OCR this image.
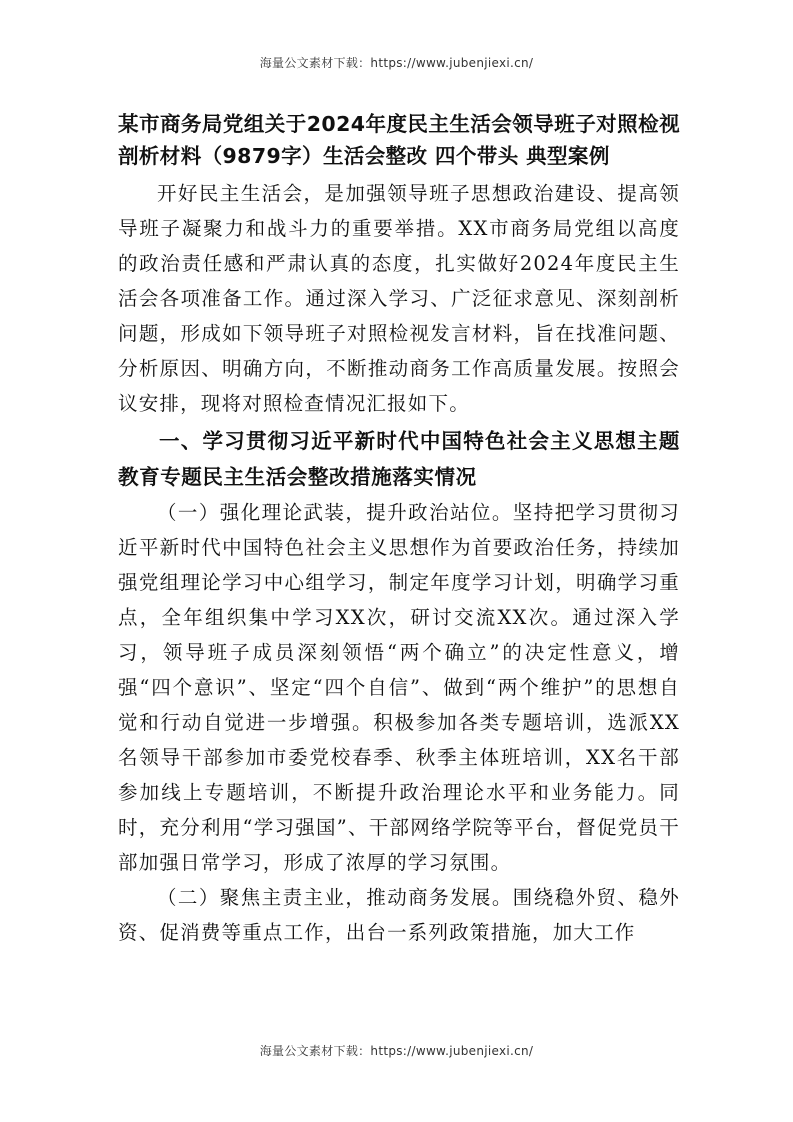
海量公文素材下载：https://www.jubenjiexi.cn/
某市商务局党组关于2024年度民主生活会领导班子对照检视剖析材料（9879字）生活会整改 四个带头 典型案例

开好民主生活会，是加强领导班子思想政治建设、提高领导班子凝聚力和战斗力的重要举措。XX市商务局党组以高度的政治责任感和严肃认真的态度，扎实做好2024年度民主生活会各项准备工作。通过深入学习、广泛征求意见、深刻剖析问题，形成如下领导班子对照检视发言材料，旨在找准问题、分析原因、明确方向，不断推动商务工作高质量发展。按照会议安排，现将对照检查情况汇报如下。

一、学习贯彻习近平新时代中国特色社会主义思想主题教育专题民主生活会整改措施落实情况

（一）强化理论武装，提升政治站位。坚持把学习贯彻习近平新时代中国特色社会主义思想作为首要政治任务，持续加强党组理论学习中心组学习，制定年度学习计划，明确学习重点，全年组织集中学习XX次，研讨交流XX次。通过深入学习，领导班子成员深刻领悟“两个确立”的决定性意义，增强“四个意识”、坚定“四个自信”、做到“两个维护”的思想自觉和行动自觉进一步增强。积极参加各类专题培训，选派XX名领导干部参加市委党校春季、秋季主体班培训，XX名干部参加线上专题培训，不断提升政治理论水平和业务能力。同时，充分利用“学习强国”、干部网络学院等平台，督促党员干部加强日常学习，形成了浓厚的学习氛围。

（二）聚焦主责主业，推动商务发展。围绕稳外贸、稳外资、促消费等重点工作，出台一系列政策措施，加大工作

海量公文素材下载：https://www.jubenjiexi.cn/
